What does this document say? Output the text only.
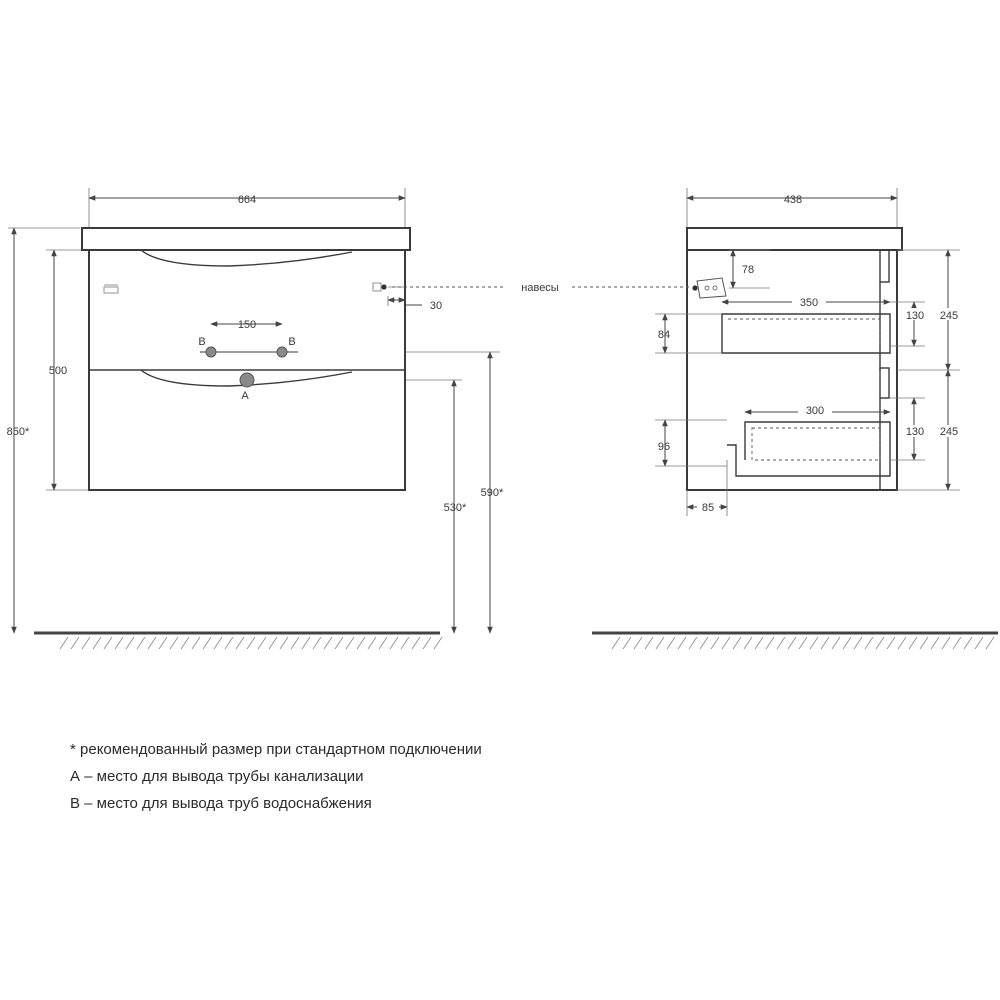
664
850*
500
30
150
B	B
A
530*
590*
438
навесы
78
350
84
130 245
300
96
130 245
85
* рекомендованный размер при стандартном подключении
А – место для вывода трубы канализации
В – место для вывода труб водоснабжения
